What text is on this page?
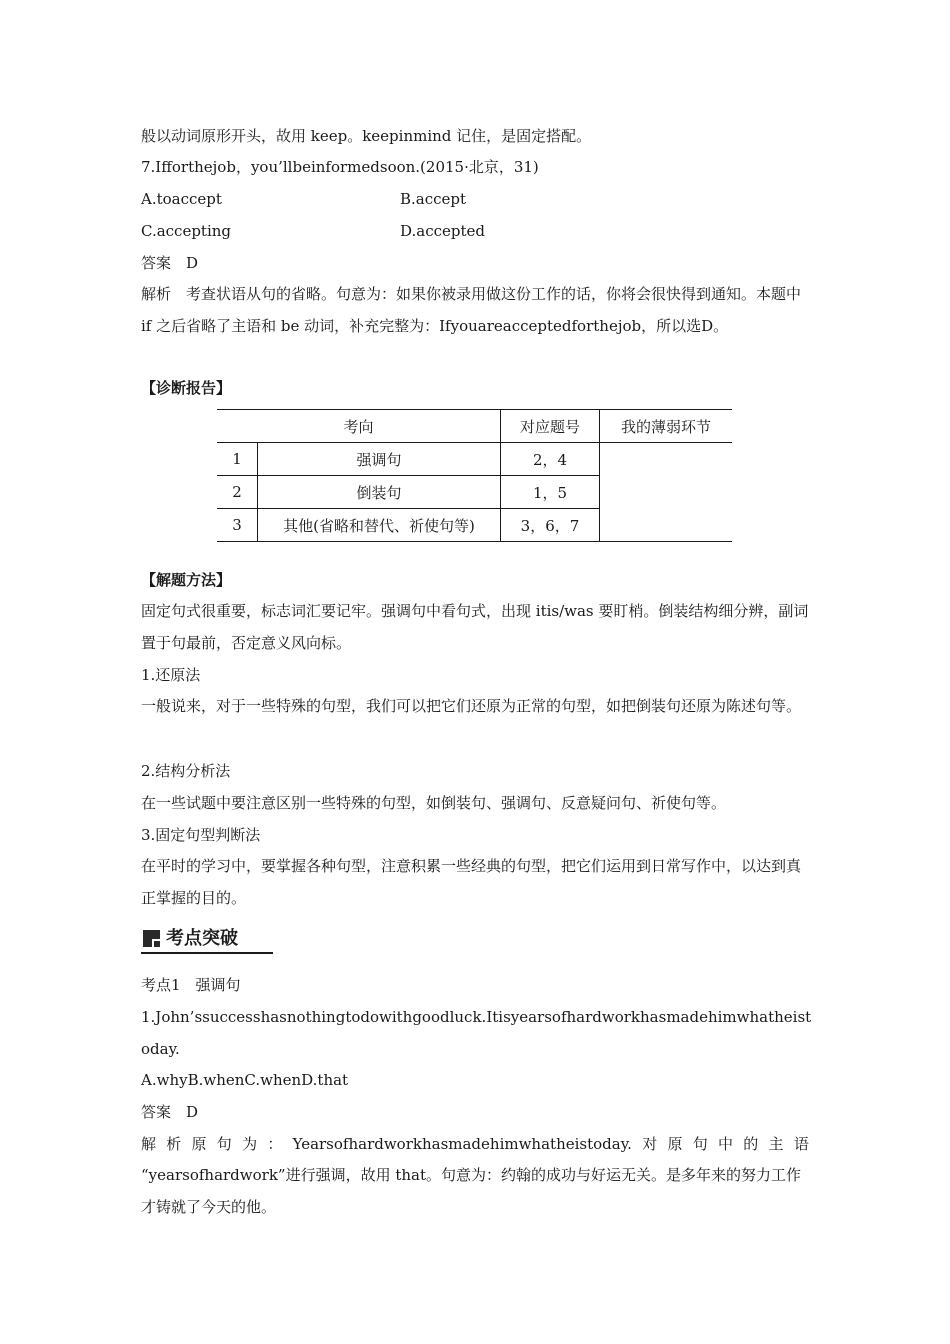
般以动词原形开头，故用 keep。keepinmind 记住，是固定搭配。
7.Ifforthejob，you’llbeinformedsoon.(2015·北京，31)
A.toaccept	B.accept
C.accepting	D.accepted
答案　D
解析　考查状语从句的省略。句意为：如果你被录用做这份工作的话，你将会很快得到通知。本题中 if 之后省略了主语和 be 动词，补充完整为：Ifyouareacceptedforthejob，所以选D。
【诊断报告】
考向		对应题号	我的薄弱环节
1	强调句	2，4	
2	倒装句	1，5	
3	其他(省略和替代、祈使句等)	3，6，7	
【解题方法】
固定句式很重要，标志词汇要记牢。强调句中看句式，出现 itis/was 要盯梢。倒装结构细分辨，副词置于句最前，否定意义风向标。
1.还原法
一般说来，对于一些特殊的句型，我们可以把它们还原为正常的句型，如把倒装句还原为陈述句等。
2.结构分析法
在一些试题中要注意区别一些特殊的句型，如倒装句、强调句、反意疑问句、祈使句等。
3.固定句型判断法
在平时的学习中，要掌握各种句型，注意积累一些经典的句型，把它们运用到日常写作中，以达到真正掌握的目的。
考点突破
考点1　强调句
1.John’ssuccesshasnothingtodowithgoodluck.Itisyearsofhardworkhasmadehimwhatheistoday.
A.whyB.whenC.whenD.that
答案　D
解 析 原 句 为 ： Yearsofhardworkhasmadehimwhatheistoday. 对 原 句 中 的 主 语
“yearsofhardwork”进行强调，故用 that。句意为：约翰的成功与好运无关。是多年来的努力工作才铸就了今天的他。
